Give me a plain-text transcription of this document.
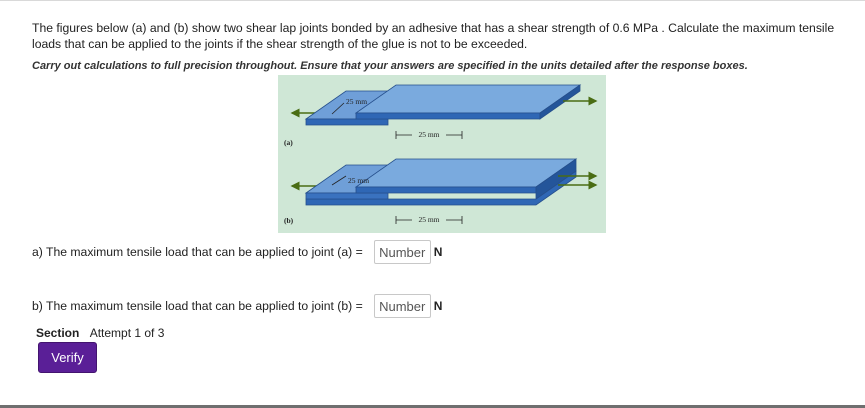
The figures below (a) and (b) show two shear lap joints bonded by an adhesive that has a shear strength of 0.6 MPa . Calculate the maximum tensile loads that can be applied to the joints if the shear strength of the glue is not to be exceeded.
Carry out calculations to full precision throughout. Ensure that your answers are specified in the units detailed after the response boxes.
25 mm
25 mm
(a)
25 mm
25 mm
(b)
a) The maximum tensile load that can be applied to joint (a) =
Number	N
b) The maximum tensile load that can be applied to joint (b) =
Number	N
Section Attempt 1 of 3
Verify
